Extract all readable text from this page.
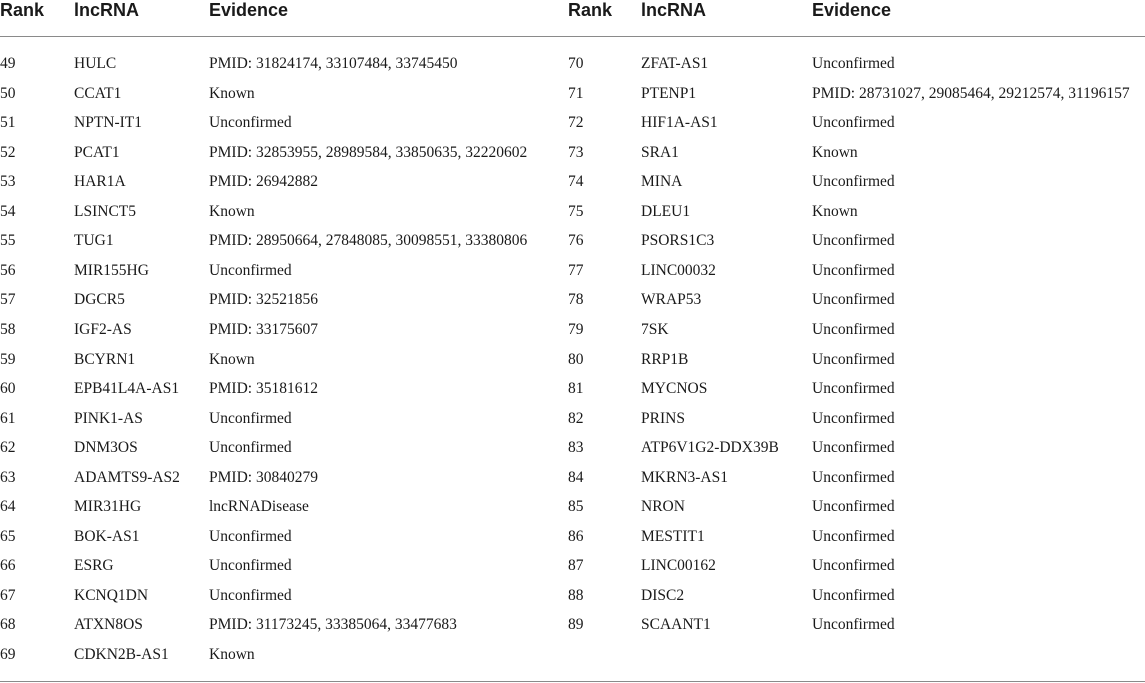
Rank lncRNA	Evidence	Rank lncRNA	Evidence
49	HULC	PMID: 31824174, 33107484, 33745450
50	CCAT1	Known
51	NPTN-IT1	Unconfirmed
52	PCAT1	PMID: 32853955, 28989584, 33850635, 32220602
53	HAR1A	PMID: 26942882
54	LSINCT5	Known
55	TUG1	PMID: 28950664, 27848085, 30098551, 33380806
56	MIR155HG	Unconfirmed
57	DGCR5	PMID: 32521856
58	IGF2-AS	PMID: 33175607
59	BCYRN1	Known
60	EPB41L4A-AS1 PMID: 35181612
61	PINK1-AS	Unconfirmed
62	DNM3OS	Unconfirmed
63	ADAMTS9-AS2 PMID: 30840279
64	MIR31HG	lncRNADisease
65	BOK-AS1	Unconfirmed
66	ESRG	Unconfirmed
67	KCNQ1DN	Unconfirmed
68	ATXN8OS	PMID: 31173245, 33385064, 33477683
69	CDKN2B-AS1	Known
70	ZFAT-AS1	Unconfirmed
71	PTENP1	PMID: 28731027, 29085464, 29212574, 31196157
72	HIF1A-AS1	Unconfirmed
73	SRA1	Known
74	MINA	Unconfirmed
75	DLEU1	Known
76	PSORS1C3	Unconfirmed
77	LINC00032	Unconfirmed
78	WRAP53	Unconfirmed
79	7SK	Unconfirmed
80	RRP1B	Unconfirmed
81	MYCNOS	Unconfirmed
82	PRINS	Unconfirmed
83	ATP6V1G2-DDX39B Unconfirmed
84	MKRN3-AS1	Unconfirmed
85	NRON	Unconfirmed
86	MESTIT1	Unconfirmed
87	LINC00162	Unconfirmed
88	DISC2	Unconfirmed
89	SCAANT1	Unconfirmed
